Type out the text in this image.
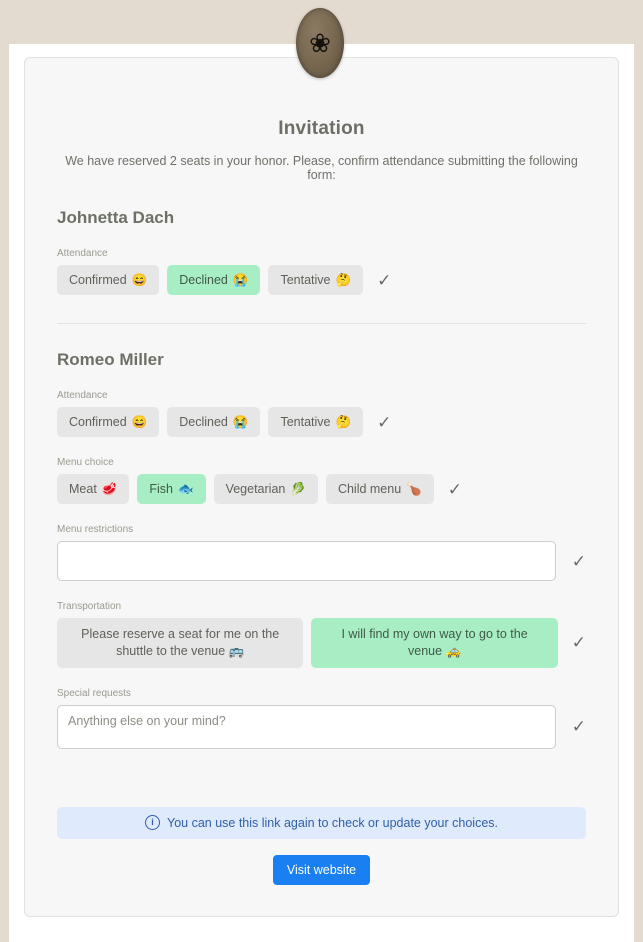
❀
Invitation
We have reserved 2 seats in your honor. Please, confirm attendance submitting the following form:
Johnetta Dach
Attendance
Confirmed 😄	Declined 😭	Tentative 🤔 ✓
Romeo Miller
Attendance
Confirmed 😄	Declined 😭	Tentative 🤔 ✓
Menu choice
Meat 🥩	Fish 🐟	Vegetarian 🥬	Child menu 🍗 ✓
Menu restrictions
✓
Transportation
Please reserve a seat for me on the shuttle to the venue 🚌
I will find my own way to go to the venue 🚕	✓
Special requests
Anything else on your mind?
✓
i	You can use this link again to check or update your choices.
Visit website
